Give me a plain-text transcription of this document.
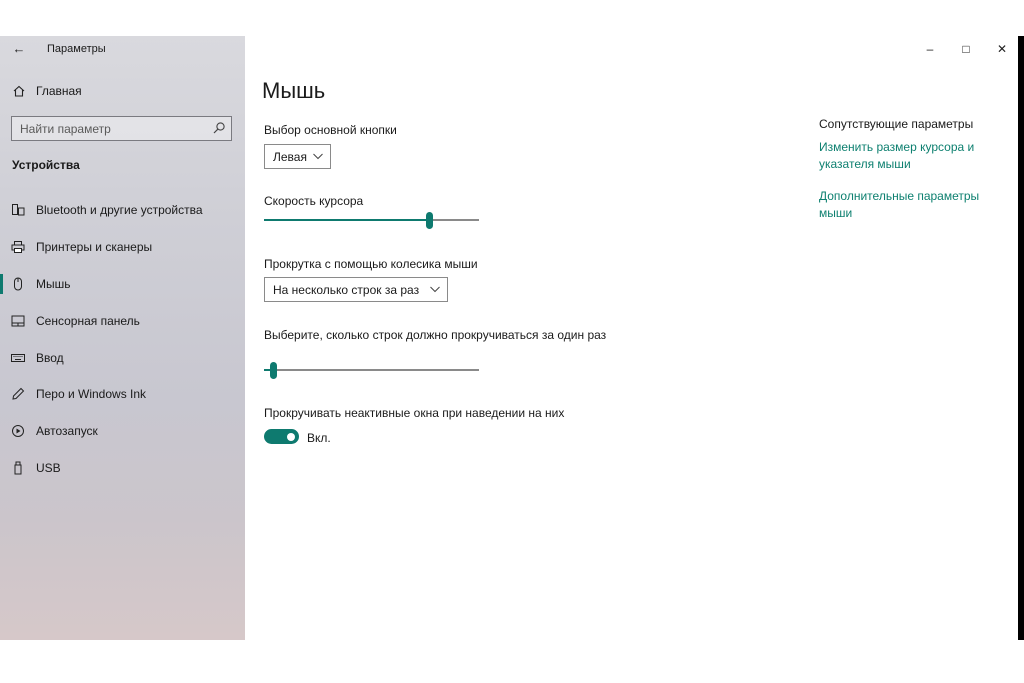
← Параметры
Главная
Найти параметр
Устройства
Bluetooth и другие устройства
Принтеры и сканеры
Мышь
Сенсорная панель
Ввод
Перо и Windows Ink
Автозапуск
USB
–	□	✕
Мышь
Выбор основной кнопки
Левая
Скорость курсора
Прокрутка с помощью колесика мыши
На несколько строк за раз
Выберите, сколько строк должно прокручиваться за один раз
Прокручивать неактивные окна при наведении на них
Вкл.
Сопутствующие параметры
Изменить размер курсора и указателя мыши
Дополнительные параметры мыши
